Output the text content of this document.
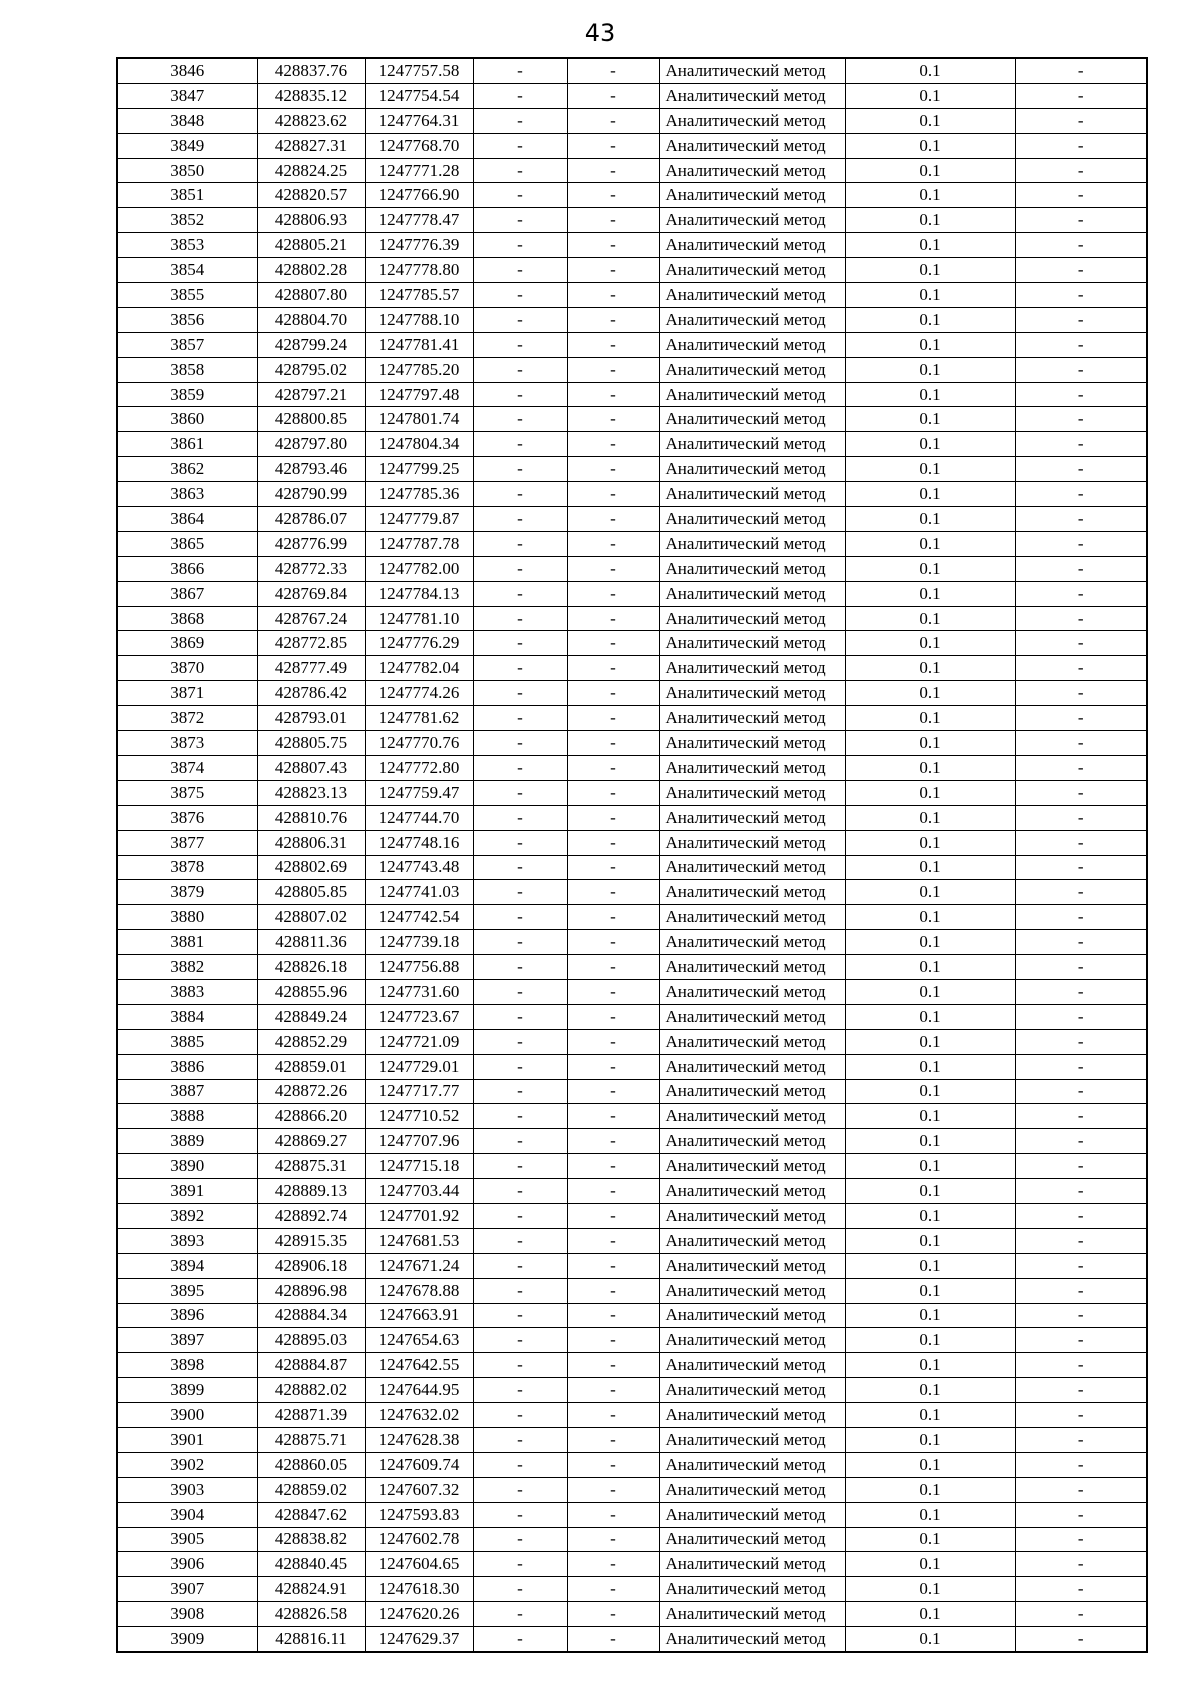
43
3846	428837.76	1247757.58	-	-	Аналитический метод	0.1	-
3847	428835.12	1247754.54	-	-	Аналитический метод	0.1	-
3848	428823.62	1247764.31	-	-	Аналитический метод	0.1	-
3849	428827.31	1247768.70	-	-	Аналитический метод	0.1	-
3850	428824.25	1247771.28	-	-	Аналитический метод	0.1	-
3851	428820.57	1247766.90	-	-	Аналитический метод	0.1	-
3852	428806.93	1247778.47	-	-	Аналитический метод	0.1	-
3853	428805.21	1247776.39	-	-	Аналитический метод	0.1	-
3854	428802.28	1247778.80	-	-	Аналитический метод	0.1	-
3855	428807.80	1247785.57	-	-	Аналитический метод	0.1	-
3856	428804.70	1247788.10	-	-	Аналитический метод	0.1	-
3857	428799.24	1247781.41	-	-	Аналитический метод	0.1	-
3858	428795.02	1247785.20	-	-	Аналитический метод	0.1	-
3859	428797.21	1247797.48	-	-	Аналитический метод	0.1	-
3860	428800.85	1247801.74	-	-	Аналитический метод	0.1	-
3861	428797.80	1247804.34	-	-	Аналитический метод	0.1	-
3862	428793.46	1247799.25	-	-	Аналитический метод	0.1	-
3863	428790.99	1247785.36	-	-	Аналитический метод	0.1	-
3864	428786.07	1247779.87	-	-	Аналитический метод	0.1	-
3865	428776.99	1247787.78	-	-	Аналитический метод	0.1	-
3866	428772.33	1247782.00	-	-	Аналитический метод	0.1	-
3867	428769.84	1247784.13	-	-	Аналитический метод	0.1	-
3868	428767.24	1247781.10	-	-	Аналитический метод	0.1	-
3869	428772.85	1247776.29	-	-	Аналитический метод	0.1	-
3870	428777.49	1247782.04	-	-	Аналитический метод	0.1	-
3871	428786.42	1247774.26	-	-	Аналитический метод	0.1	-
3872	428793.01	1247781.62	-	-	Аналитический метод	0.1	-
3873	428805.75	1247770.76	-	-	Аналитический метод	0.1	-
3874	428807.43	1247772.80	-	-	Аналитический метод	0.1	-
3875	428823.13	1247759.47	-	-	Аналитический метод	0.1	-
3876	428810.76	1247744.70	-	-	Аналитический метод	0.1	-
3877	428806.31	1247748.16	-	-	Аналитический метод	0.1	-
3878	428802.69	1247743.48	-	-	Аналитический метод	0.1	-
3879	428805.85	1247741.03	-	-	Аналитический метод	0.1	-
3880	428807.02	1247742.54	-	-	Аналитический метод	0.1	-
3881	428811.36	1247739.18	-	-	Аналитический метод	0.1	-
3882	428826.18	1247756.88	-	-	Аналитический метод	0.1	-
3883	428855.96	1247731.60	-	-	Аналитический метод	0.1	-
3884	428849.24	1247723.67	-	-	Аналитический метод	0.1	-
3885	428852.29	1247721.09	-	-	Аналитический метод	0.1	-
3886	428859.01	1247729.01	-	-	Аналитический метод	0.1	-
3887	428872.26	1247717.77	-	-	Аналитический метод	0.1	-
3888	428866.20	1247710.52	-	-	Аналитический метод	0.1	-
3889	428869.27	1247707.96	-	-	Аналитический метод	0.1	-
3890	428875.31	1247715.18	-	-	Аналитический метод	0.1	-
3891	428889.13	1247703.44	-	-	Аналитический метод	0.1	-
3892	428892.74	1247701.92	-	-	Аналитический метод	0.1	-
3893	428915.35	1247681.53	-	-	Аналитический метод	0.1	-
3894	428906.18	1247671.24	-	-	Аналитический метод	0.1	-
3895	428896.98	1247678.88	-	-	Аналитический метод	0.1	-
3896	428884.34	1247663.91	-	-	Аналитический метод	0.1	-
3897	428895.03	1247654.63	-	-	Аналитический метод	0.1	-
3898	428884.87	1247642.55	-	-	Аналитический метод	0.1	-
3899	428882.02	1247644.95	-	-	Аналитический метод	0.1	-
3900	428871.39	1247632.02	-	-	Аналитический метод	0.1	-
3901	428875.71	1247628.38	-	-	Аналитический метод	0.1	-
3902	428860.05	1247609.74	-	-	Аналитический метод	0.1	-
3903	428859.02	1247607.32	-	-	Аналитический метод	0.1	-
3904	428847.62	1247593.83	-	-	Аналитический метод	0.1	-
3905	428838.82	1247602.78	-	-	Аналитический метод	0.1	-
3906	428840.45	1247604.65	-	-	Аналитический метод	0.1	-
3907	428824.91	1247618.30	-	-	Аналитический метод	0.1	-
3908	428826.58	1247620.26	-	-	Аналитический метод	0.1	-
3909	428816.11	1247629.37	-	-	Аналитический метод	0.1	-
